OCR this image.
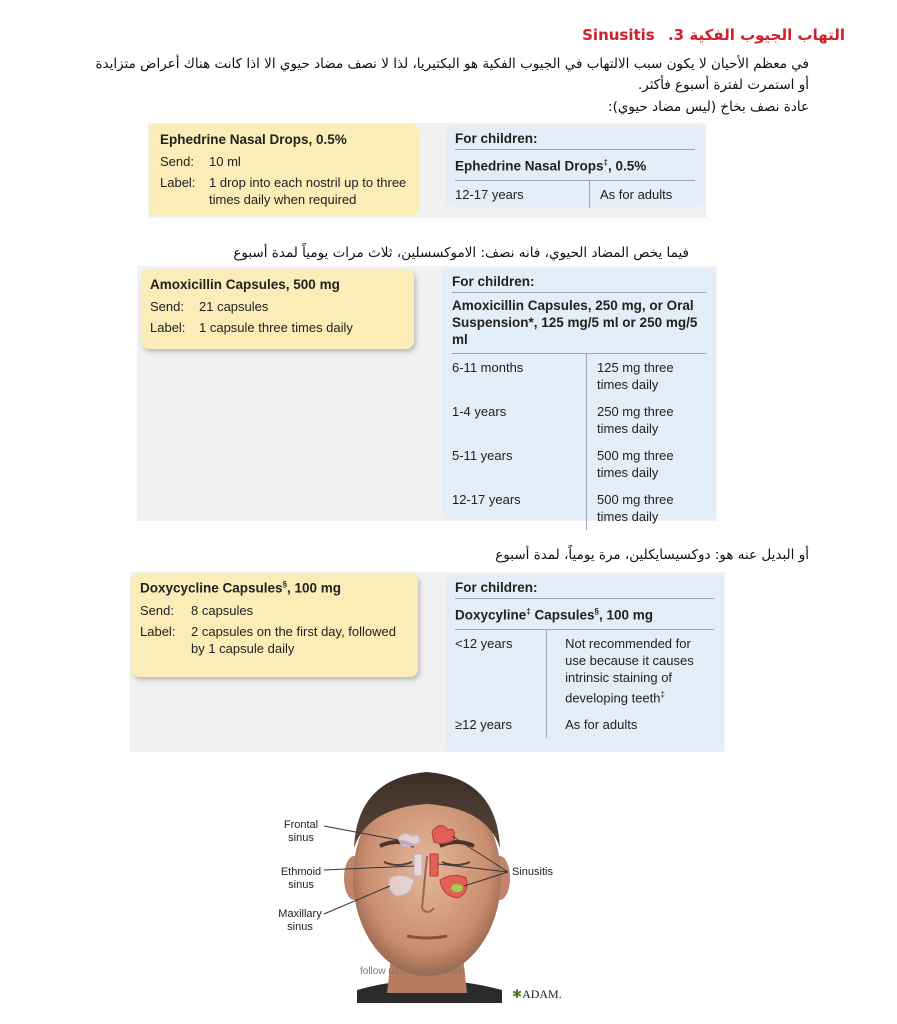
التهاب الجيوب الفكية Sinusitis .3
في معظم الأحيان لا يكون سبب الالتهاب في الجيوب الفكية هو البكتيريا، لذا لا نصف مضاد حيوي الا اذا كانت هناك أعراض متزايدة أو استمرت لفترة أسبوع فأكثر.
عادة نصف بخاخ (ليس مضاد حيوي):
Ephedrine Nasal Drops, 0.5%
Send:	10 ml
Label:	1 drop into each nostril up to three times daily when required
For children:
Ephedrine Nasal Drops‡, 0.5%
12-17 years	As for adults
فيما يخص المضاد الحيوي، فانه نصف: الاموكسسلين، ثلاث مرات يومياً لمدة أسبوع
Amoxicillin Capsules, 500 mg
Send:	21 capsules
Label:	1 capsule three times daily
For children:
Amoxicillin Capsules, 250 mg, or Oral Suspension*, 125 mg/5 ml or 250 mg/5 ml
6-11 months	125 mg three times daily
1-4 years	250 mg three times daily
5-11 years	500 mg three times daily
12-17 years	500 mg three times daily
أو البديل عنه هو: دوكسيسايكلين، مرة يومياً، لمدة أسبوع
Doxycycline Capsules§, 100 mg
Send:	8 capsules
Label:	2 capsules on the first day, followed by 1 capsule daily
For children:
Doxycyline‡ Capsules§, 100 mg
<12 years	Not recommended for use because it causes intrinsic staining of developing teeth‡
≥12 years	As for adults
Frontal sinus
Ethmoid sinus
Maxillary sinus
Sinusitis
follow us: Super Dentist
✱ADAM.
